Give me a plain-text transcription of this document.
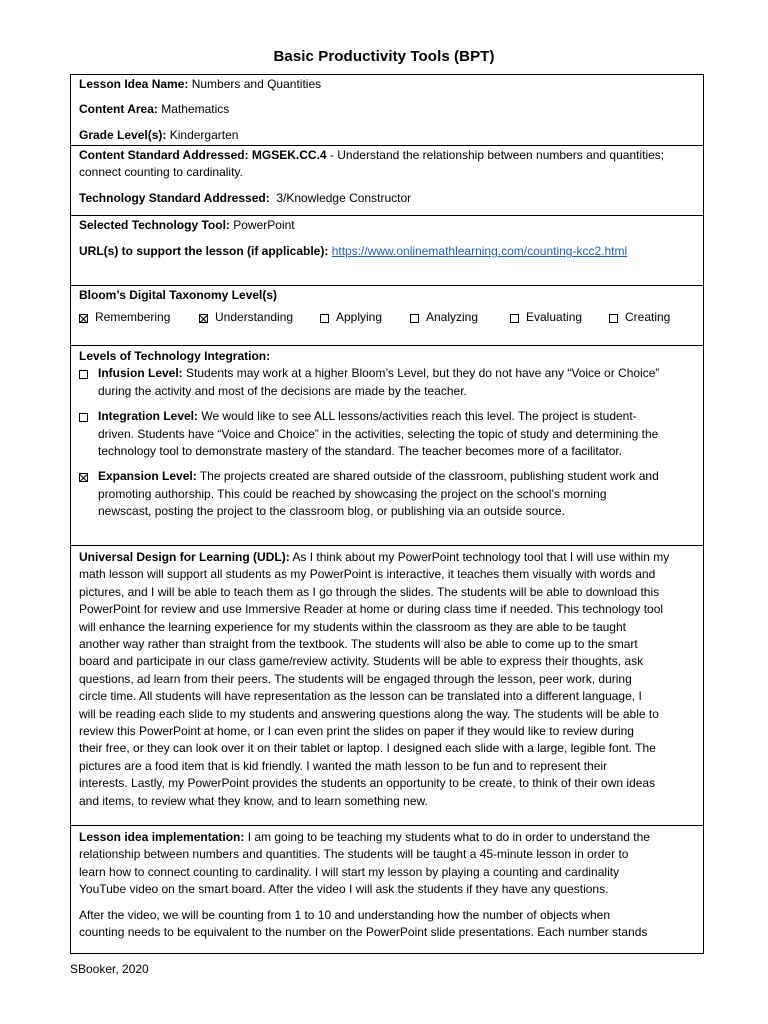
Basic Productivity Tools (BPT)
Lesson Idea Name: Numbers and Quantities
Content Area: Mathematics
Grade Level(s): Kindergarten
Content Standard Addressed: MGSEK.CC.4 - Understand the relationship between numbers and quantities;
connect counting to cardinality.
Technology Standard Addressed: 3/Knowledge Constructor
Selected Technology Tool: PowerPoint
URL(s) to support the lesson (if applicable): https://www.onlinemathlearning.com/counting-kcc2.html
Bloom’s Digital Taxonomy Level(s)
Remembering	Understanding	Applying	Analyzing	Evaluating	Creating
Levels of Technology Integration:
Infusion Level: Students may work at a higher Bloom’s Level, but they do not have any “Voice or Choice”
during the activity and most of the decisions are made by the teacher.
Integration Level: We would like to see ALL lessons/activities reach this level. The project is student-
driven. Students have “Voice and Choice” in the activities, selecting the topic of study and determining the
technology tool to demonstrate mastery of the standard. The teacher becomes more of a facilitator.
Expansion Level: The projects created are shared outside of the classroom, publishing student work and
promoting authorship. This could be reached by showcasing the project on the school’s morning
newscast, posting the project to the classroom blog, or publishing via an outside source.
Universal Design for Learning (UDL): As I think about my PowerPoint technology tool that I will use within my
math lesson will support all students as my PowerPoint is interactive, it teaches them visually with words and
pictures, and I will be able to teach them as I go through the slides. The students will be able to download this
PowerPoint for review and use Immersive Reader at home or during class time if needed. This technology tool
will enhance the learning experience for my students within the classroom as they are able to be taught
another way rather than straight from the textbook. The students will also be able to come up to the smart
board and participate in our class game/review activity. Students will be able to express their thoughts, ask
questions, ad learn from their peers. The students will be engaged through the lesson, peer work, during
circle time. All students will have representation as the lesson can be translated into a different language, I
will be reading each slide to my students and answering questions along the way. The students will be able to
review this PowerPoint at home, or I can even print the slides on paper if they would like to review during
their free, or they can look over it on their tablet or laptop. I designed each slide with a large, legible font. The
pictures are a food item that is kid friendly. I wanted the math lesson to be fun and to represent their
interests. Lastly, my PowerPoint provides the students an opportunity to be create, to think of their own ideas
and items, to review what they know, and to learn something new.
Lesson idea implementation: I am going to be teaching my students what to do in order to understand the
relationship between numbers and quantities. The students will be taught a 45-minute lesson in order to
learn how to connect counting to cardinality. I will start my lesson by playing a counting and cardinality
YouTube video on the smart board. After the video I will ask the students if they have any questions.
After the video, we will be counting from 1 to 10 and understanding how the number of objects when
counting needs to be equivalent to the number on the PowerPoint slide presentations. Each number stands
SBooker, 2020
